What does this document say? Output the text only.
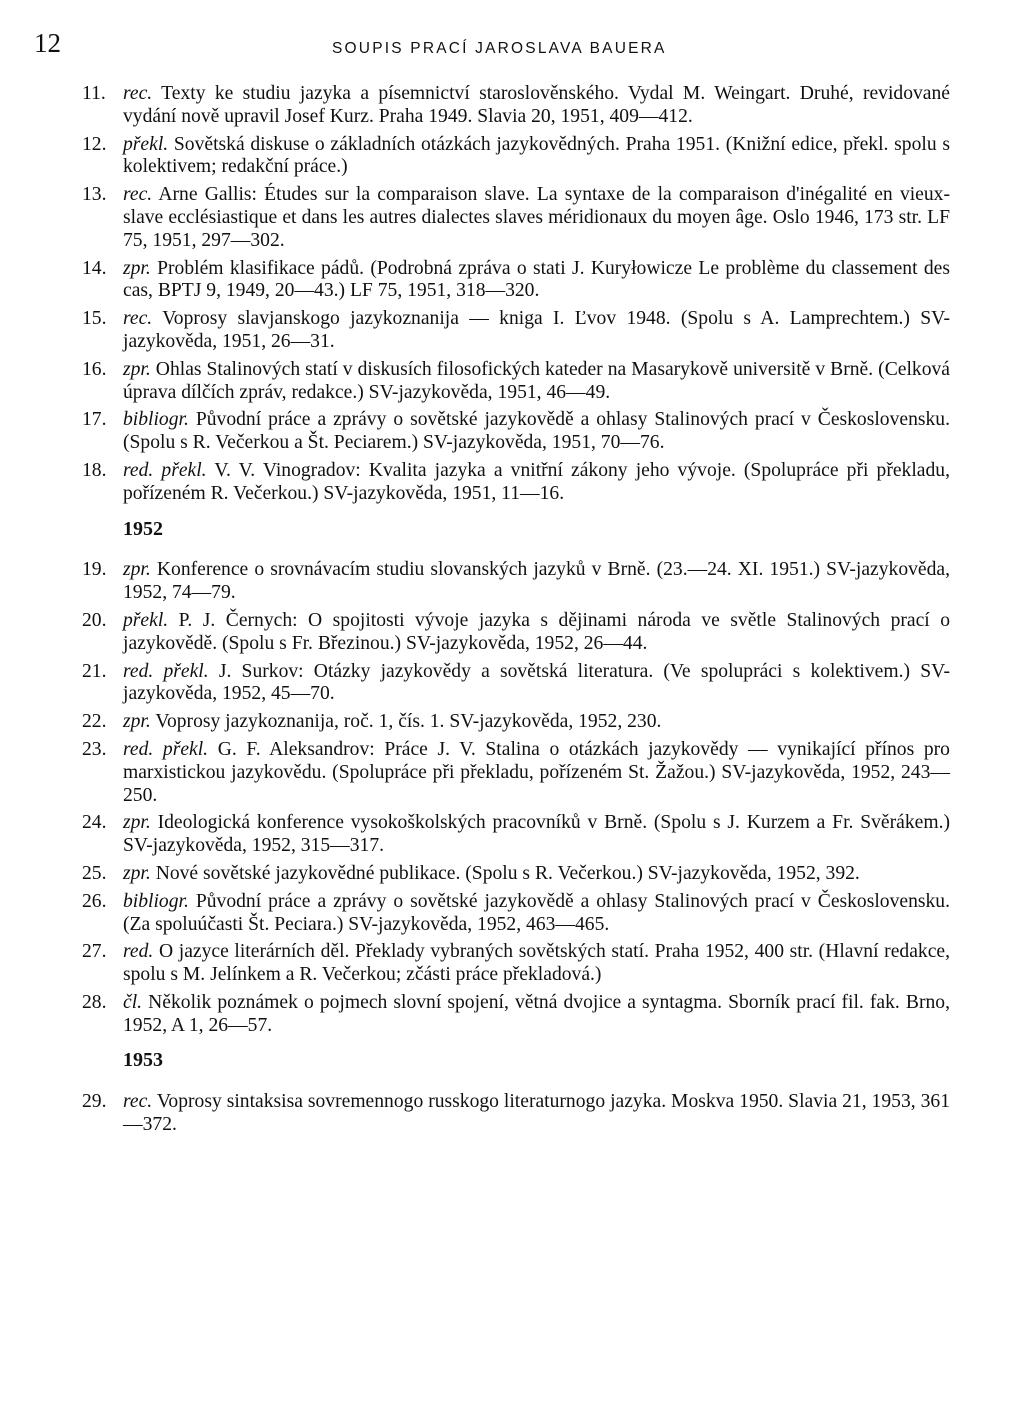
12	SOUPIS PRACÍ JAROSLAVA BAUERA

11. rec. Texty ke studiu jazyka a písemnictví staroslověnského. Vydal M. Weingart. Druhé, revidované vydání nově upravil Josef Kurz. Praha 1949. Slavia 20, 1951, 409—412.

12. překl. Sovětská diskuse o základních otázkách jazykovědných. Praha 1951. (Knižní edice, překl. spolu s kolektivem; redakční práce.)

13. rec. Arne Gallis: Études sur la comparaison slave. La syntaxe de la comparaison d'inégalité en vieux-slave ecclésiastique et dans les autres dialectes slaves méridionaux du moyen âge. Oslo 1946, 173 str. LF 75, 1951, 297—302.

14. zpr. Problém klasifikace pádů. (Podrobná zpráva o stati J. Kuryłowicze Le problème du classement des cas, BPTJ 9, 1949, 20—43.) LF 75, 1951, 318—320.

15. rec. Voprosy slavjanskogo jazykoznanija — kniga I. Ľvov 1948. (Spolu s A. Lamprechtem.) SV-jazykověda, 1951, 26—31.

16. zpr. Ohlas Stalinových statí v diskusích filosofických kateder na Masarykově universitě v Brně. (Celková úprava dílčích zpráv, redakce.) SV-jazykověda, 1951, 46—49.

17. bibliogr. Původní práce a zprávy o sovětské jazykovědě a ohlasy Stalinových prací v Československu. (Spolu s R. Večerkou a Št. Peciarem.) SV-jazykověda, 1951, 70—76.

18. red. překl. V. V. Vinogradov: Kvalita jazyka a vnitřní zákony jeho vývoje. (Spolupráce při překladu, pořízeném R. Večerkou.) SV-jazykověda, 1951, 11—16.

1952

19. zpr. Konference o srovnávacím studiu slovanských jazyků v Brně. (23.—24. XI. 1951.) SV-jazykověda, 1952, 74—79.

20. překl. P. J. Černych: O spojitosti vývoje jazyka s dějinami národa ve světle Stalinových prací o jazykovědě. (Spolu s Fr. Březinou.) SV-jazykověda, 1952, 26—44.

21. red. překl. J. Surkov: Otázky jazykovědy a sovětská literatura. (Ve spolupráci s kolektivem.) SV-jazykověda, 1952, 45—70.

22. zpr. Voprosy jazykoznanija, roč. 1, čís. 1. SV-jazykověda, 1952, 230.

23. red. překl. G. F. Aleksandrov: Práce J. V. Stalina o otázkách jazykovědy — vynikající přínos pro marxistickou jazykovědu. (Spolupráce při překladu, pořízeném St. Žažou.) SV-jazykověda, 1952, 243—250.

24. zpr. Ideologická konference vysokoškolských pracovníků v Brně. (Spolu s J. Kurzem a Fr. Svěrákem.) SV-jazykověda, 1952, 315—317.

25. zpr. Nové sovětské jazykovědné publikace. (Spolu s R. Večerkou.) SV-jazykověda, 1952, 392.

26. bibliogr. Původní práce a zprávy o sovětské jazykovědě a ohlasy Stalinových prací v Československu. (Za spoluúčasti Št. Peciara.) SV-jazykověda, 1952, 463—465.

27. red. O jazyce literárních děl. Překlady vybraných sovětských statí. Praha 1952, 400 str. (Hlavní redakce, spolu s M. Jelínkem a R. Večerkou; zčásti práce překladová.)

28. čl. Několik poznámek o pojmech slovní spojení, větná dvojice a syntagma. Sborník prací fil. fak. Brno, 1952, A 1, 26—57.

1953

29. rec. Voprosy sintaksisa sovremennogo russkogo literaturnogo jazyka. Moskva 1950. Slavia 21, 1953, 361—372.
